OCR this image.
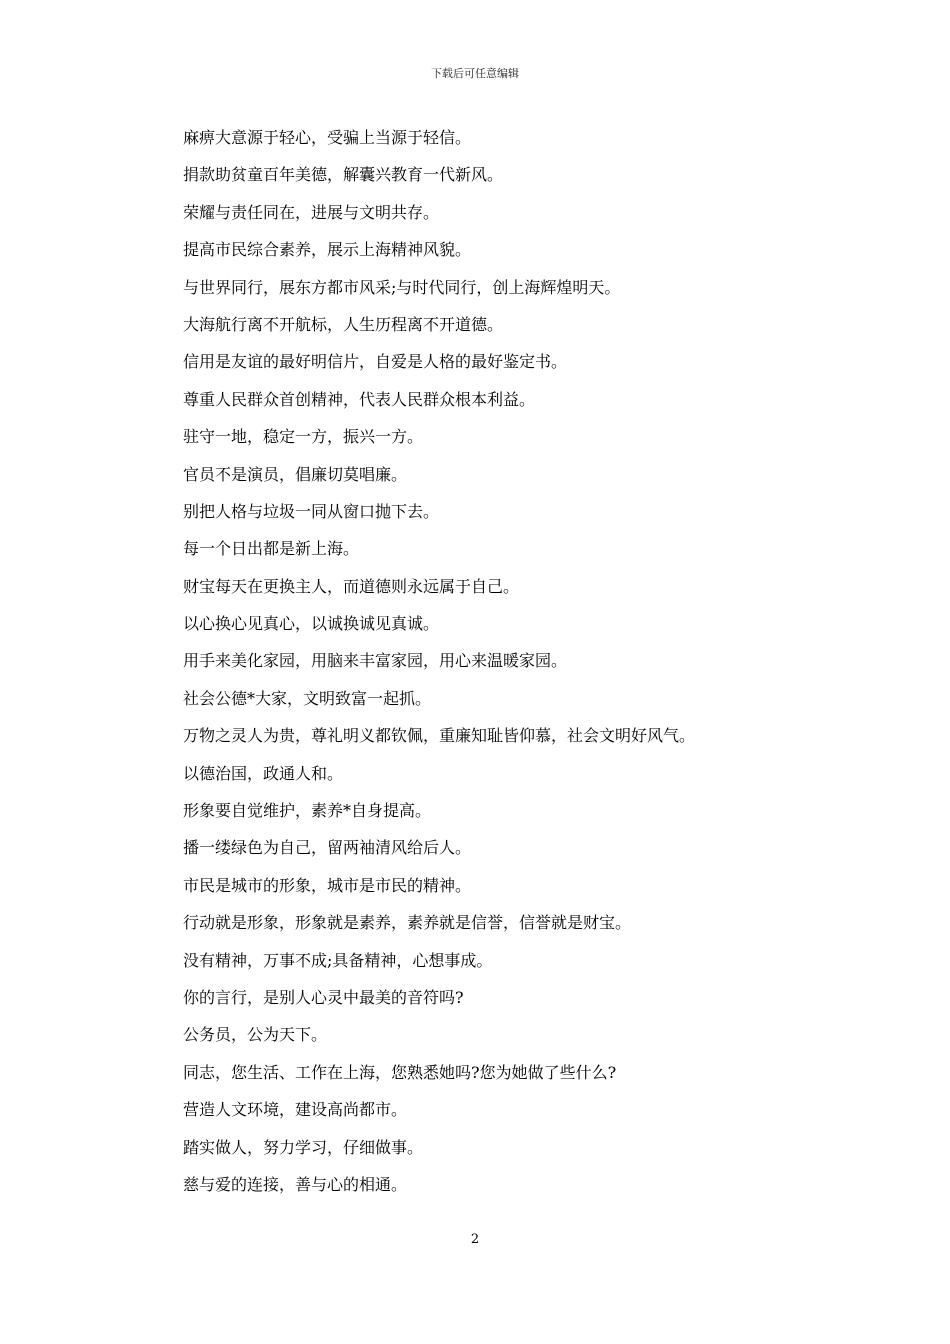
下载后可任意编辑
麻痹大意源于轻心，受骗上当源于轻信。
捐款助贫童百年美德，解囊兴教育一代新风。
荣耀与责任同在，进展与文明共存。
提高市民综合素养，展示上海精神风貌。
与世界同行，展东方都市风采;与时代同行，创上海辉煌明天。
大海航行离不开航标，人生历程离不开道德。
信用是友谊的最好明信片，自爱是人格的最好鉴定书。
尊重人民群众首创精神，代表人民群众根本利益。
驻守一地，稳定一方，振兴一方。
官员不是演员，倡廉切莫唱廉。
别把人格与垃圾一同从窗口抛下去。
每一个日出都是新上海。
财宝每天在更换主人，而道德则永远属于自己。
以心换心见真心，以诚换诚见真诚。
用手来美化家园，用脑来丰富家园，用心来温暖家园。
社会公德*大家，文明致富一起抓。
万物之灵人为贵，尊礼明义都钦佩，重廉知耻皆仰慕，社会文明好风气。
以德治国，政通人和。
形象要自觉维护，素养*自身提高。
播一缕绿色为自己，留两袖清风给后人。
市民是城市的形象，城市是市民的精神。
行动就是形象，形象就是素养，素养就是信誉，信誉就是财宝。
没有精神，万事不成;具备精神，心想事成。
你的言行，是别人心灵中最美的音符吗?
公务员，公为天下。
同志，您生活、工作在上海，您熟悉她吗?您为她做了些什么?
营造人文环境，建设高尚都市。
踏实做人，努力学习，仔细做事。
慈与爱的连接，善与心的相通。
2
